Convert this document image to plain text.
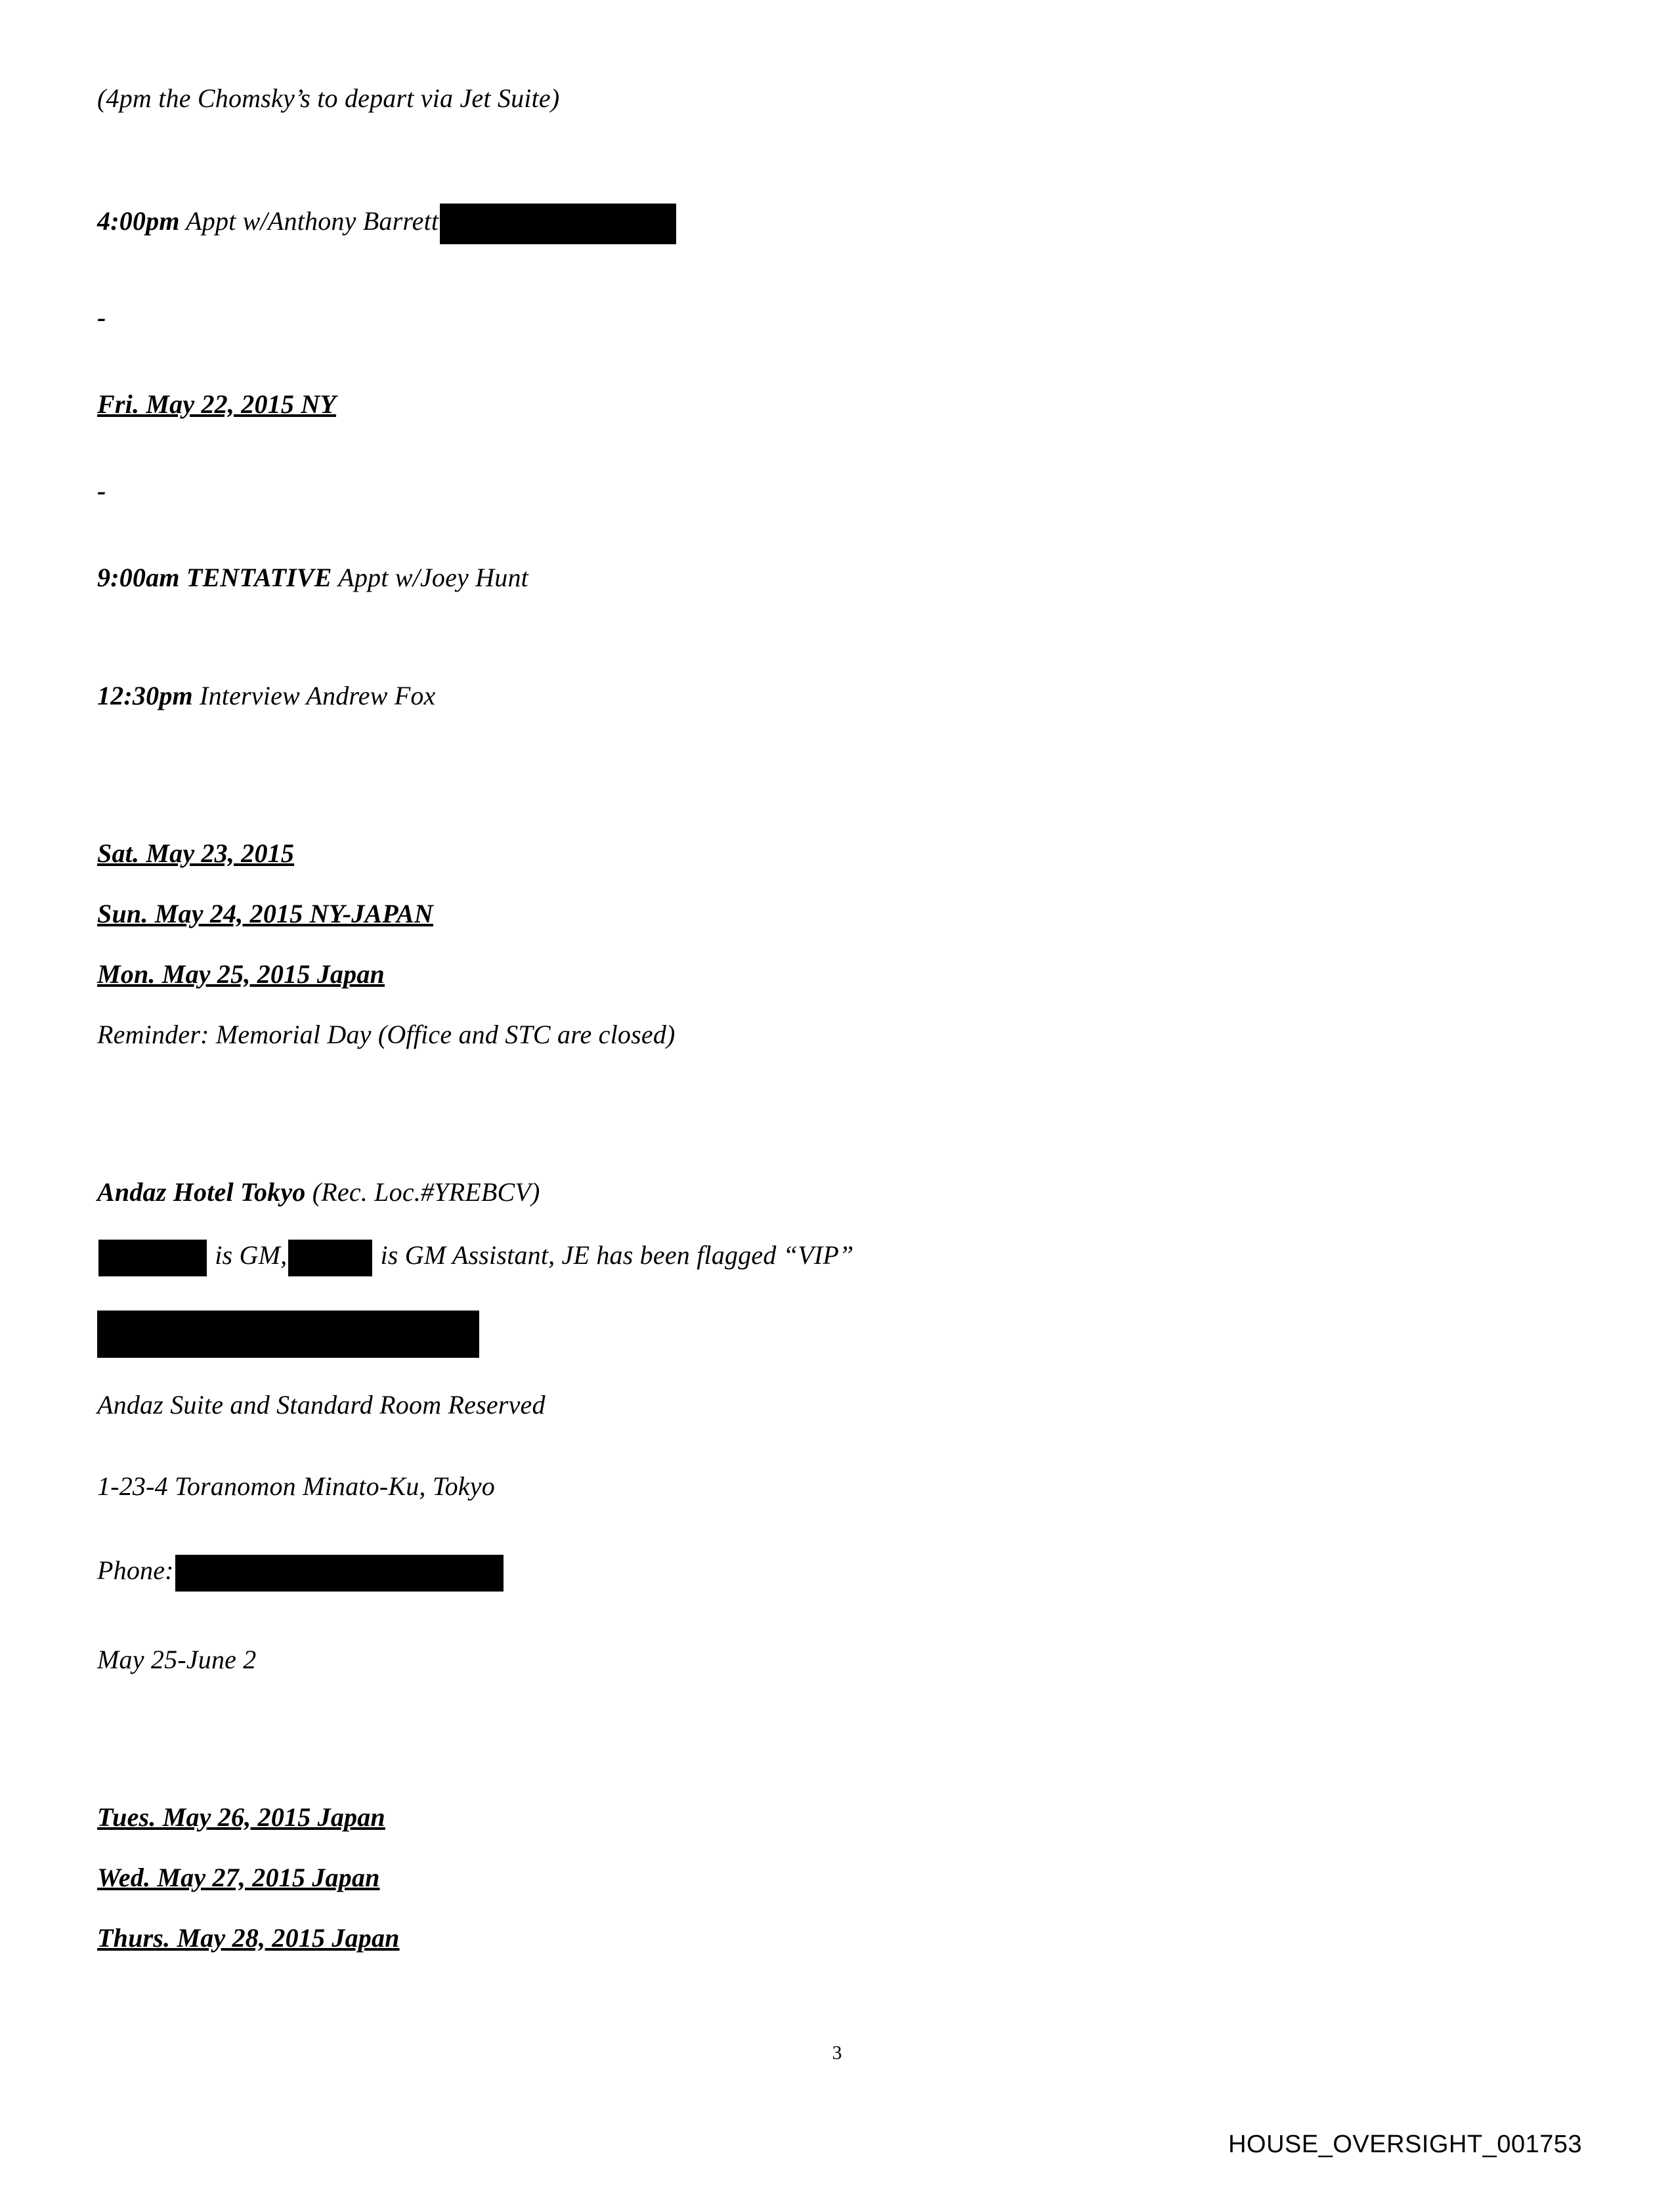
(4pm the Chomsky’s to depart via Jet Suite)

4:00pm Appt w/Anthony Barrett

-

Fri. May 22, 2015 NY

-

9:00am TENTATIVE Appt w/Joey Hunt

12:30pm Interview Andrew Fox

Sat. May 23, 2015

Sun. May 24, 2015 NY-JAPAN

Mon. May 25, 2015 Japan

Reminder: Memorial Day (Office and STC are closed)

Andaz Hotel Tokyo (Rec. Loc.#YREBCV)

is GM,	is GM Assistant, JE has been flagged “VIP”

Andaz Suite and Standard Room Reserved

1-23-4 Toranomon Minato-Ku, Tokyo

Phone:

May 25-June 2

Tues. May 26, 2015 Japan

Wed. May 27, 2015 Japan

Thurs. May 28, 2015 Japan

3
HOUSE_OVERSIGHT_001753
